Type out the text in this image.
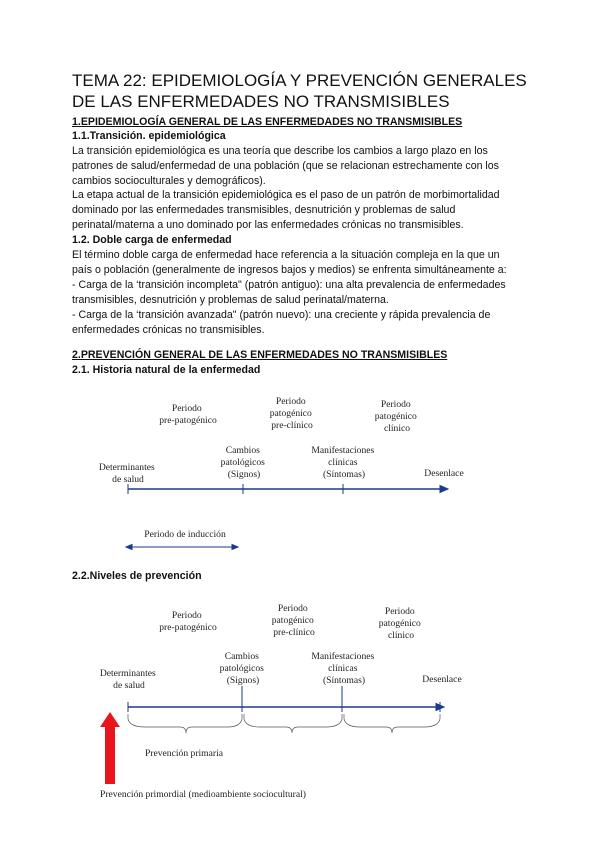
TEMA 22: EPIDEMIOLOGÍA Y PREVENCIÓN GENERALES
DE LAS ENFERMEDADES NO TRANSMISIBLES
1.EPIDEMIOLOGÍA GENERAL DE LAS ENFERMEDADES NO TRANSMISIBLES
1.1.Transición. epidemiológica
La transición epidemiológica es una teoría que describe los cambios a largo plazo en los
patrones de salud/enfermedad de una población (que se relacionan estrechamente con los
cambios socioculturales y demográficos).
La etapa actual de la transición epidemiológica es el paso de un patrón de morbimortalidad
dominado por las enfermedades transmisibles, desnutrición y problemas de salud
perinatal/materna a uno dominado por las enfermedades crónicas no transmisibles.
1.2. Doble carga de enfermedad
El término doble carga de enfermedad hace referencia a la situación compleja en la que un
país o población (generalmente de ingresos bajos y medios) se enfrenta simultáneamente a:
- Carga de la ‘transición incompleta" (patrón antiguo): una alta prevalencia de enfermedades
transmisibles, desnutrición y problemas de salud perinatal/materna.
- Carga de la ‘transición avanzada" (patrón nuevo): una creciente y rápida prevalencia de
enfermedades crónicas no transmisibles.
2.PREVENCIÓN GENERAL DE LAS ENFERMEDADES NO TRANSMISIBLES
2.1. Historia natural de la enfermedad
Periodo pre-patogénico
Periodo patogénico pre-clínico
Periodo patogénico clínico
Determinantes de salud
Cambios patológicos (Signos)
Manifestaciones clínicas (Síntomas)	Desenlace
Periodo de inducción
2.2.Niveles de prevención
Periodo pre-patogénico
Periodo patogénico pre-clínico
Periodo patogénico clínico
Determinantes de salud
Cambios patológicos (Signos)
Manifestaciones clínicas (Síntomas)	Desenlace
Prevención primaria
Prevención primordial (medioambiente sociocultural)
